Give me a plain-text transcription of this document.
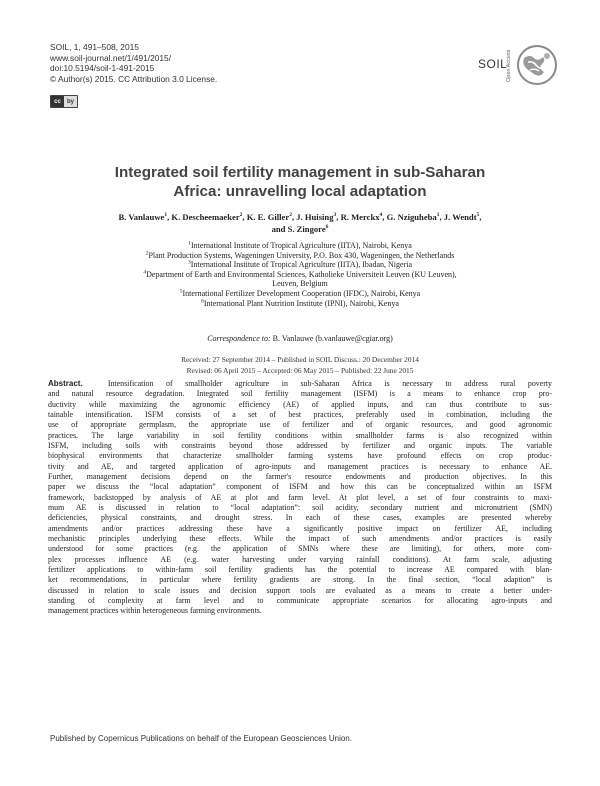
SOIL, 1, 491–508, 2015
www.soil-journal.net/1/491/2015/
doi:10.5194/soil-1-491-2015
© Author(s) 2015. CC Attribution 3.0 License.
cc	by
SOIL
Open Access
Integrated soil fertility management in sub-Saharan
Africa: unravelling local adaptation
B. Vanlauwe$^1$, K. Descheemaeker$^2$, K. E. Giller$^2$, J. Huising$^3$, R. Merckx$^4$, G. Nziguheba$^1$, J. Wendt$^5$,
and S. Zingore$^6$
$^1$International Institute of Tropical Agriculture (IITA), Nairobi, Kenya
$^2$Plant Production Systems, Wageningen University, P.O. Box 430, Wageningen, the Netherlands
$^3$International Institute of Tropical Agriculture (IITA), Ibadan, Nigeria
$^4$Department of Earth and Environmental Sciences, Katholieke Universiteit Leuven (KU Leuven),
Leuven, Belgium
$^5$International Fertilizer Development Cooperation (IFDC), Nairobi, Kenya
$^6$International Plant Nutrition Institute (IPNI), Nairobi, Kenya
Correspondence to: B. Vanlauwe (b.vanlauwe@cgiar.org)
Received: 27 September 2014 – Published in SOIL Discuss.: 20 December 2014
Revised: 06 April 2015 – Accepted: 06 May 2015 – Published: 22 June 2015
Abstract.	Intensification of smallholder agriculture in sub-Saharan Africa is necessary to address rural poverty
and natural resource degradation. Integrated soil fertility management (ISFM) is a means to enhance crop pro-
ductivity while maximizing the agronomic efficiency (AE) of applied inputs, and can thus contribute to sus-
tainable intensification. ISFM consists of a set of best practices, preferably used in combination, including the
use of appropriate germplasm, the appropriate use of fertilizer and of organic resources, and good agronomic
practices. The large variability in soil fertility conditions within smallholder farms is also recognized within
ISFM, including soils with constraints beyond those addressed by fertilizer and organic inputs. The variable
biophysical environments that characterize smallholder farming systems have profound effects on crop produc-
tivity and AE, and targeted application of agro-inputs and management practices is necessary to enhance AE.
Further, management decisions depend on the farmer's resource endowments and production objectives. In this
paper we discuss the “local adaptation” component of ISFM and how this can be conceptualized within an ISFM
framework, backstopped by analysis of AE at plot and farm level. At plot level, a set of four constraints to maxi-
mum AE is discussed in relation to “local adaptation”: soil acidity, secondary nutrient and micronutrient (SMN)
deficiencies, physical constraints, and drought stress. In each of these cases, examples are presented whereby
amendments and/or practices addressing these have a significantly positive impact on fertilizer AE, including
mechanistic principles underlying these effects. While the impact of such amendments and/or practices is easily
understood for some practices (e.g. the application of SMNs where these are limiting), for others, more com-
plex processes influence AE (e.g. water harvesting under varying rainfall conditions). At farm scale, adjusting
fertilizer applications to within-farm soil fertility gradients has the potential to increase AE compared with blan-
ket recommendations, in particular where fertility gradients are strong. In the final section, “local adaption” is
discussed in relation to scale issues and decision support tools are evaluated as a means to create a better under-
standing of complexity at farm level and to communicate appropriate scenarios for allocating agro-inputs and
management practices within heterogeneous farming environments.
Published by Copernicus Publications on behalf of the European Geosciences Union.
